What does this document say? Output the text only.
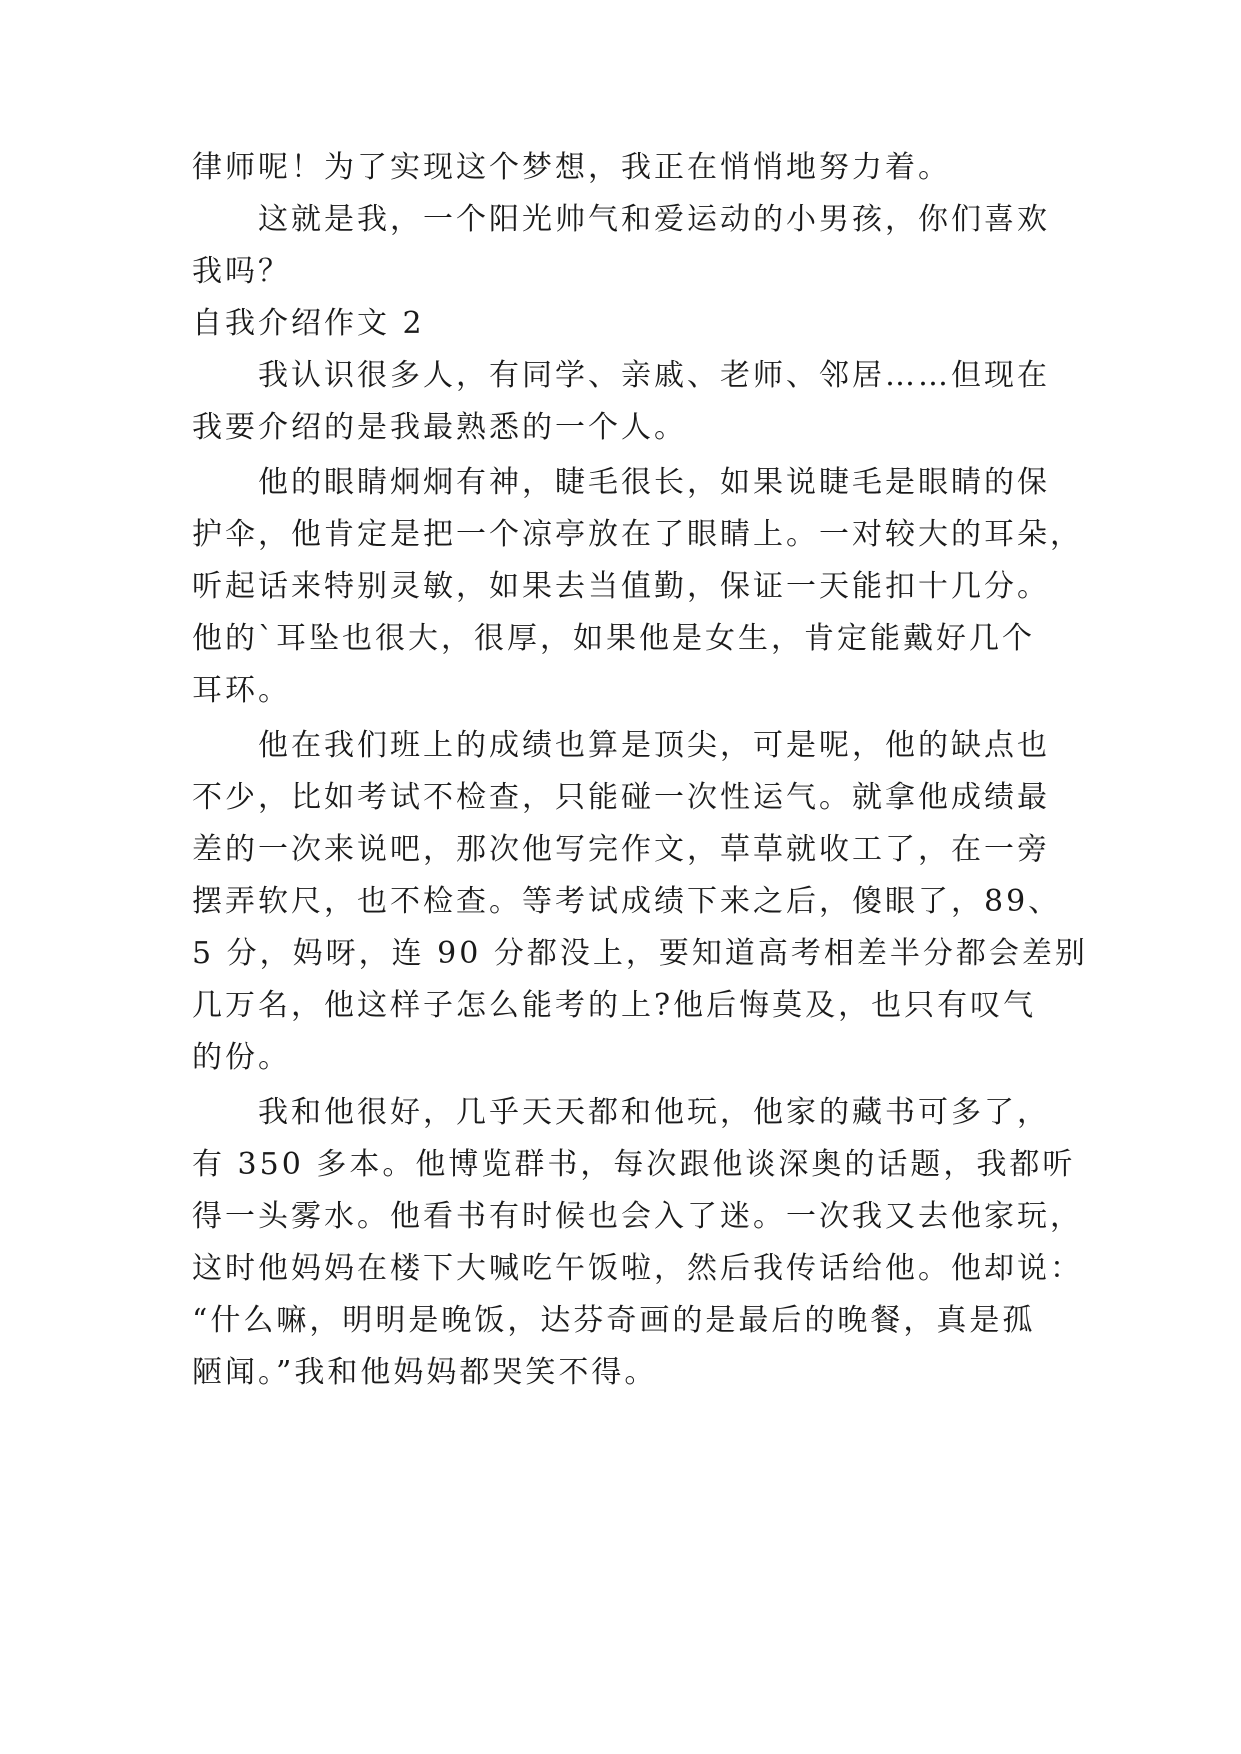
律师呢！为了实现这个梦想，我正在悄悄地努力着。
这就是我，一个阳光帅气和爱运动的小男孩，你们喜欢
我吗？
自我介绍作文 2
我认识很多人，有同学、亲戚、老师、邻居……但现在
我要介绍的是我最熟悉的一个人。
他的眼睛炯炯有神，睫毛很长，如果说睫毛是眼睛的保
护伞，他肯定是把一个凉亭放在了眼睛上。一对较大的耳朵，
听起话来特别灵敏，如果去当值勤，保证一天能扣十几分。
他的`耳坠也很大，很厚，如果他是女生，肯定能戴好几个
耳环。
他在我们班上的成绩也算是顶尖，可是呢，他的缺点也
不少，比如考试不检查，只能碰一次性运气。就拿他成绩最
差的一次来说吧，那次他写完作文，草草就收工了，在一旁
摆弄软尺，也不检查。等考试成绩下来之后，傻眼了，89、
5 分，妈呀，连 90 分都没上，要知道高考相差半分都会差别
几万名，他这样子怎么能考的上?他后悔莫及，也只有叹气
的份。
我和他很好，几乎天天都和他玩，他家的藏书可多了，
有 350 多本。他博览群书，每次跟他谈深奥的话题，我都听
得一头雾水。他看书有时候也会入了迷。一次我又去他家玩，
这时他妈妈在楼下大喊吃午饭啦，然后我传话给他。他却说：
“什么嘛，明明是晚饭，达芬奇画的是最后的晚餐，真是孤
陋闻。”我和他妈妈都哭笑不得。
